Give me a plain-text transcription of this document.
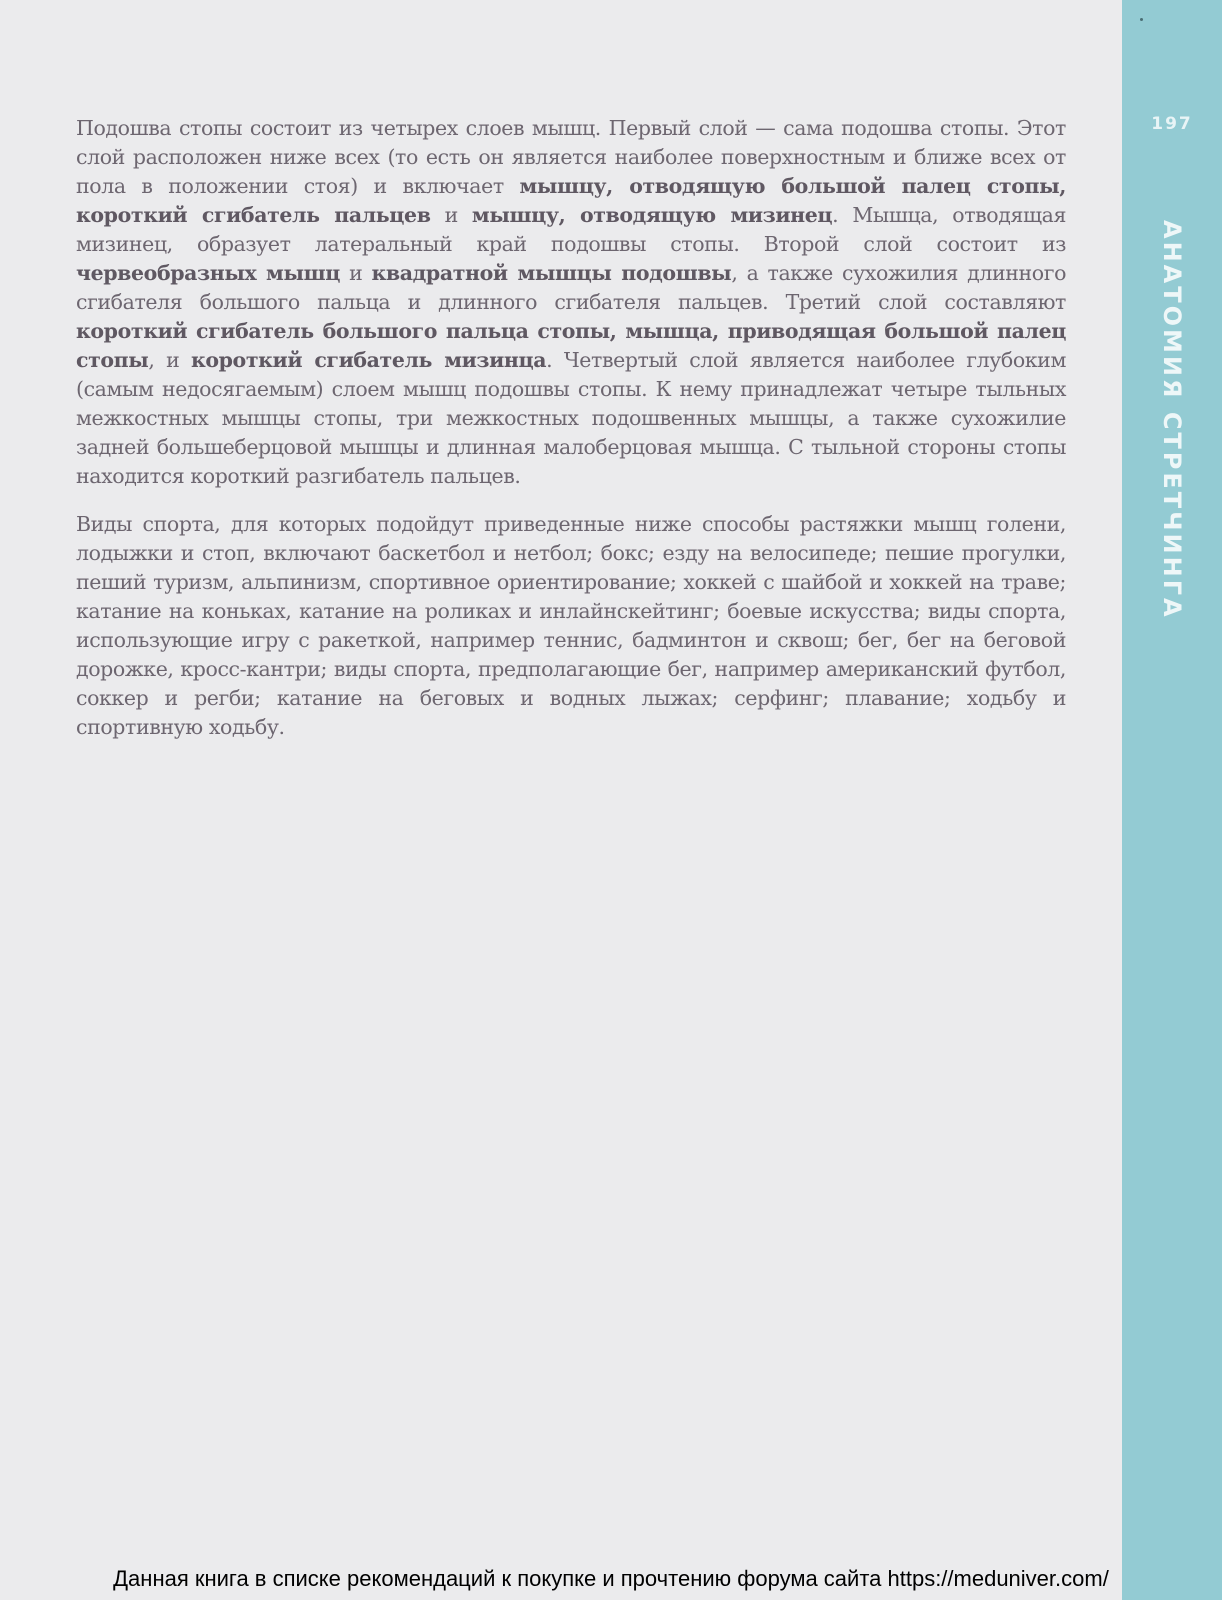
Подошва стопы состоит из четырех слоев мышц. Первый слой — сама подошва стопы. Этот слой расположен ниже всех (то есть он является наиболее поверхностным и ближе всех от пола в положении стоя) и включает мышцу, отводящую большой палец стопы, короткий сгибатель пальцев и мышцу, отводящую мизинец. Мышца, отводящая мизинец, образует латеральный край подошвы стопы. Второй слой состоит из червеобразных мышц и квадратной мышцы подошвы, а также сухожилия длинного сгибателя большого пальца и длинного сгибателя пальцев. Третий слой составляют короткий сгибатель большого пальца стопы, мышца, приводящая большой палец стопы, и короткий сгибатель мизинца. Четвертый слой является наиболее глубоким (самым недосягаемым) слоем мышц подошвы стопы. К нему принадлежат четыре тыльных межкостных мышцы стопы, три межкостных подошвенных мышцы, а также сухожилие задней большеберцовой мышцы и длинная малоберцовая мышца. С тыльной стороны стопы находится короткий разгибатель пальцев.

Виды спорта, для которых подойдут приведенные ниже способы растяжки мышц голени, лодыжки и стоп, включают баскетбол и нетбол; бокс; езду на велосипеде; пешие прогулки, пеший туризм, альпинизм, спортивное ориентирование; хоккей с шайбой и хоккей на траве; катание на коньках, катание на роликах и инлайнскейтинг; боевые искусства; виды спорта, использующие игру с ракеткой, например теннис, бадминтон и сквош; бег, бег на беговой дорожке, кросс-кантри; виды спорта, предполагающие бег, например американский футбол, соккер и регби; катание на беговых и водных лыжах; серфинг; плавание; ходьбу и спортивную ходьбу.

197
АНАТОМИЯ СТРЕТЧИНГА
Данная книга в списке рекомендаций к покупке и прочтению форума сайта https://meduniver.com/
